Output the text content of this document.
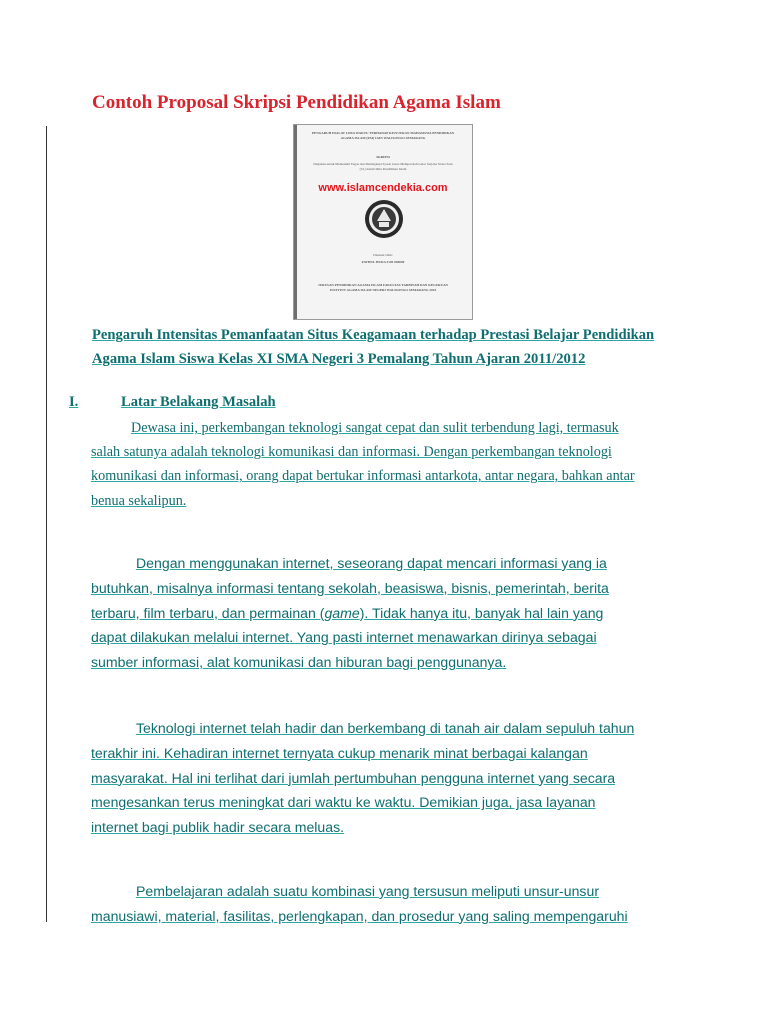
Contoh Proposal Skripsi Pendidikan Agama Islam
PENGARUH DIALAT LIMA WAKTU TERHADAP KEJUJURAN MAHASISWA PENDIDIKAN AGAMA ISLAM (PAI) IAIN WALISONGO SEMARANG
SKRIPSI
Diajukan untuk Memenuhi Tugas dan Melengkapi Syarat Guna Memperoleh Gelar Sarjana Strata Satu (S1) dalam Ilmu Pendidikan Islam
www.islamcendekia.com
Disusun Oleh:
FATHUL HUDA 3105 000000
JURUSAN PENDIDIKAN AGAMA ISLAM FAKULTAS TARBIYAH DAN KEGURUAN INSTITUT AGAMA ISLAM NEGERI WALISONGO SEMARANG 2010

Pengaruh Intensitas Pemanfaatan Situs Keagamaan terhadap Prestasi Belajar Pendidikan
Agama Islam Siswa Kelas XI SMA Negeri 3 Pemalang Tahun Ajaran 2011/2012

I.	Latar Belakang Masalah

Dewasa ini, perkembangan teknologi sangat cepat dan sulit terbendung lagi, termasuk
salah satunya adalah teknologi komunikasi dan informasi. Dengan perkembangan teknologi
komunikasi dan informasi, orang dapat bertukar informasi antarkota, antar negara, bahkan antar
benua sekalipun.

Dengan menggunakan internet, seseorang dapat mencari informasi yang ia
butuhkan, misalnya informasi tentang sekolah, beasiswa, bisnis, pemerintah, berita
terbaru, film terbaru, dan permainan (game). Tidak hanya itu, banyak hal lain yang
dapat dilakukan melalui internet. Yang pasti internet menawarkan dirinya sebagai
sumber informasi, alat komunikasi dan hiburan bagi penggunanya.

Teknologi internet telah hadir dan berkembang di tanah air dalam sepuluh tahun
terakhir ini. Kehadiran internet ternyata cukup menarik minat berbagai kalangan
masyarakat. Hal ini terlihat dari jumlah pertumbuhan pengguna internet yang secara
mengesankan terus meningkat dari waktu ke waktu. Demikian juga, jasa layanan
internet bagi publik hadir secara meluas.

Pembelajaran adalah suatu kombinasi yang tersusun meliputi unsur-unsur
manusiawi, material, fasilitas, perlengkapan, dan prosedur yang saling mempengaruhi
